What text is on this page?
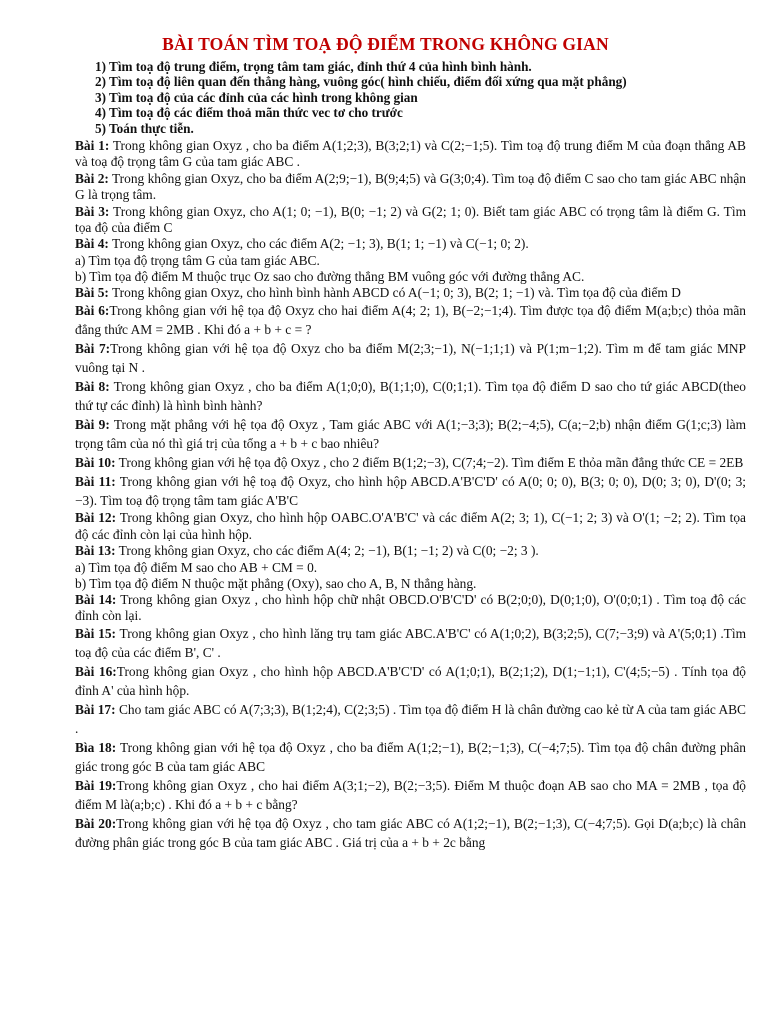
BÀI TOÁN TÌM TOẠ ĐỘ ĐIỂM TRONG KHÔNG GIAN
1) Tìm toạ độ trung điểm, trọng tâm tam giác, đỉnh thứ 4 của hình bình hành.
2) Tìm toạ độ liên quan đến thẳng hàng, vuông góc( hình chiếu, điểm đối xứng qua mặt phẳng)
3) Tìm toạ độ của các đỉnh của các hình trong không gian
4) Tìm toạ độ các điểm thoả mãn thức vec tơ cho trước
5) Toán thực tiễn.

Bài 1: Trong không gian Oxyz , cho ba điểm A(1;2;3), B(3;2;1) và C(2;−1;5). Tìm toạ độ trung điểm M của đoạn thẳng AB và toạ độ trọng tâm G của tam giác ABC .

Bài 2: Trong không gian Oxyz, cho ba điểm A(2;9;−1), B(9;4;5) và G(3;0;4). Tìm toạ độ điểm C sao cho tam giác ABC nhận G là trọng tâm.

Bài 3: Trong không gian Oxyz, cho A(1; 0; −1), B(0; −1; 2) và G(2; 1; 0). Biết tam giác ABC có trọng tâm là điểm G. Tìm tọa độ của điểm C

Bài 4: Trong không gian Oxyz, cho các điểm A(2; −1; 3), B(1; 1; −1) và C(−1; 0; 2).

a) Tìm tọa độ trọng tâm G của tam giác ABC.
b) Tìm tọa độ điểm M thuộc trục Oz sao cho đường thẳng BM vuông góc với đường thẳng AC.

Bài 5: Trong không gian Oxyz, cho hình bình hành ABCD có A(−1; 0; 3), B(2; 1; −1) và. Tìm tọa độ của điểm D

Bài 6:Trong không gian với hệ tọa độ Oxyz cho hai điểm A(4; 2; 1), B(−2;−1;4). Tìm được tọa độ điểm M(a;b;c) thỏa mãn đẳng thức AM = 2MB . Khi đó a + b + c = ?

Bài 7:Trong không gian với hệ tọa độ Oxyz cho ba điểm M(2;3;−1), N(−1;1;1) và P(1;m−1;2). Tìm m để tam giác MNP vuông tại N .

Bài 8: Trong không gian Oxyz , cho ba điểm A(1;0;0), B(1;1;0), C(0;1;1). Tìm tọa độ điểm D sao cho tứ giác ABCD(theo thứ tự các đỉnh) là hình bình hành?

Bài 9: Trong mặt phẳng với hệ tọa độ Oxyz , Tam giác ABC với A(1;−3;3); B(2;−4;5), C(a;−2;b) nhận điểm G(1;c;3) làm trọng tâm của nó thì giá trị của tổng a + b + c bao nhiêu?

Bài 10: Trong không gian với hệ tọa độ Oxyz , cho 2 điểm B(1;2;−3), C(7;4;−2). Tìm điểm E thỏa mãn đẳng thức CE = 2EB

Bài 11: Trong không gian với hệ toạ độ Oxyz, cho hình hộp ABCD.A'B'C'D' có A(0; 0; 0), B(3; 0; 0), D(0; 3; 0), D'(0; 3; −3). Tìm toạ độ trọng tâm tam giác A'B'C

Bài 12: Trong không gian Oxyz, cho hình hộp OABC.O'A'B'C' và các điểm A(2; 3; 1), C(−1; 2; 3) và O'(1; −2; 2). Tìm tọa độ các đỉnh còn lại của hình hộp.

Bài 13: Trong không gian Oxyz, cho các điểm A(4; 2; −1), B(1; −1; 2) và C(0; −2; 3 ).

a) Tìm tọa độ điểm M sao cho AB + CM = 0.
b) Tìm tọa độ điểm N thuộc mặt phẳng (Oxy), sao cho A, B, N thẳng hàng.

Bài 14: Trong không gian Oxyz , cho hình hộp chữ nhật OBCD.O'B'C'D' có B(2;0;0), D(0;1;0), O'(0;0;1) . Tìm toạ độ các đỉnh còn lại.

Bài 15: Trong không gian Oxyz , cho hình lăng trụ tam giác ABC.A'B'C' có A(1;0;2), B(3;2;5), C(7;−3;9) và A'(5;0;1) .Tìm toạ độ của các điểm B', C' .

Bài 16:Trong không gian Oxyz , cho hình hộp ABCD.A'B'C'D' có A(1;0;1), B(2;1;2), D(1;−1;1), C'(4;5;−5) . Tính tọa độ đỉnh A' của hình hộp.

Bài 17: Cho tam giác ABC có A(7;3;3), B(1;2;4), C(2;3;5) . Tìm tọa độ điểm H là chân đường cao kẻ từ A của tam giác ABC .

Bìa 18: Trong không gian với hệ tọa độ Oxyz , cho ba điểm A(1;2;−1), B(2;−1;3), C(−4;7;5). Tìm tọa độ chân đường phân giác trong góc B của tam giác ABC

Bài 19:Trong không gian Oxyz , cho hai điểm A(3;1;−2), B(2;−3;5). Điểm M thuộc đoạn AB sao cho MA = 2MB , tọa độ điểm M là(a;b;c) . Khi đó a + b + c bằng?

Bài 20:Trong không gian với hệ tọa độ Oxyz , cho tam giác ABC có A(1;2;−1), B(2;−1;3), C(−4;7;5). Gọi D(a;b;c) là chân đường phân giác trong góc B của tam giác ABC . Giá trị của a + b + 2c bằng
